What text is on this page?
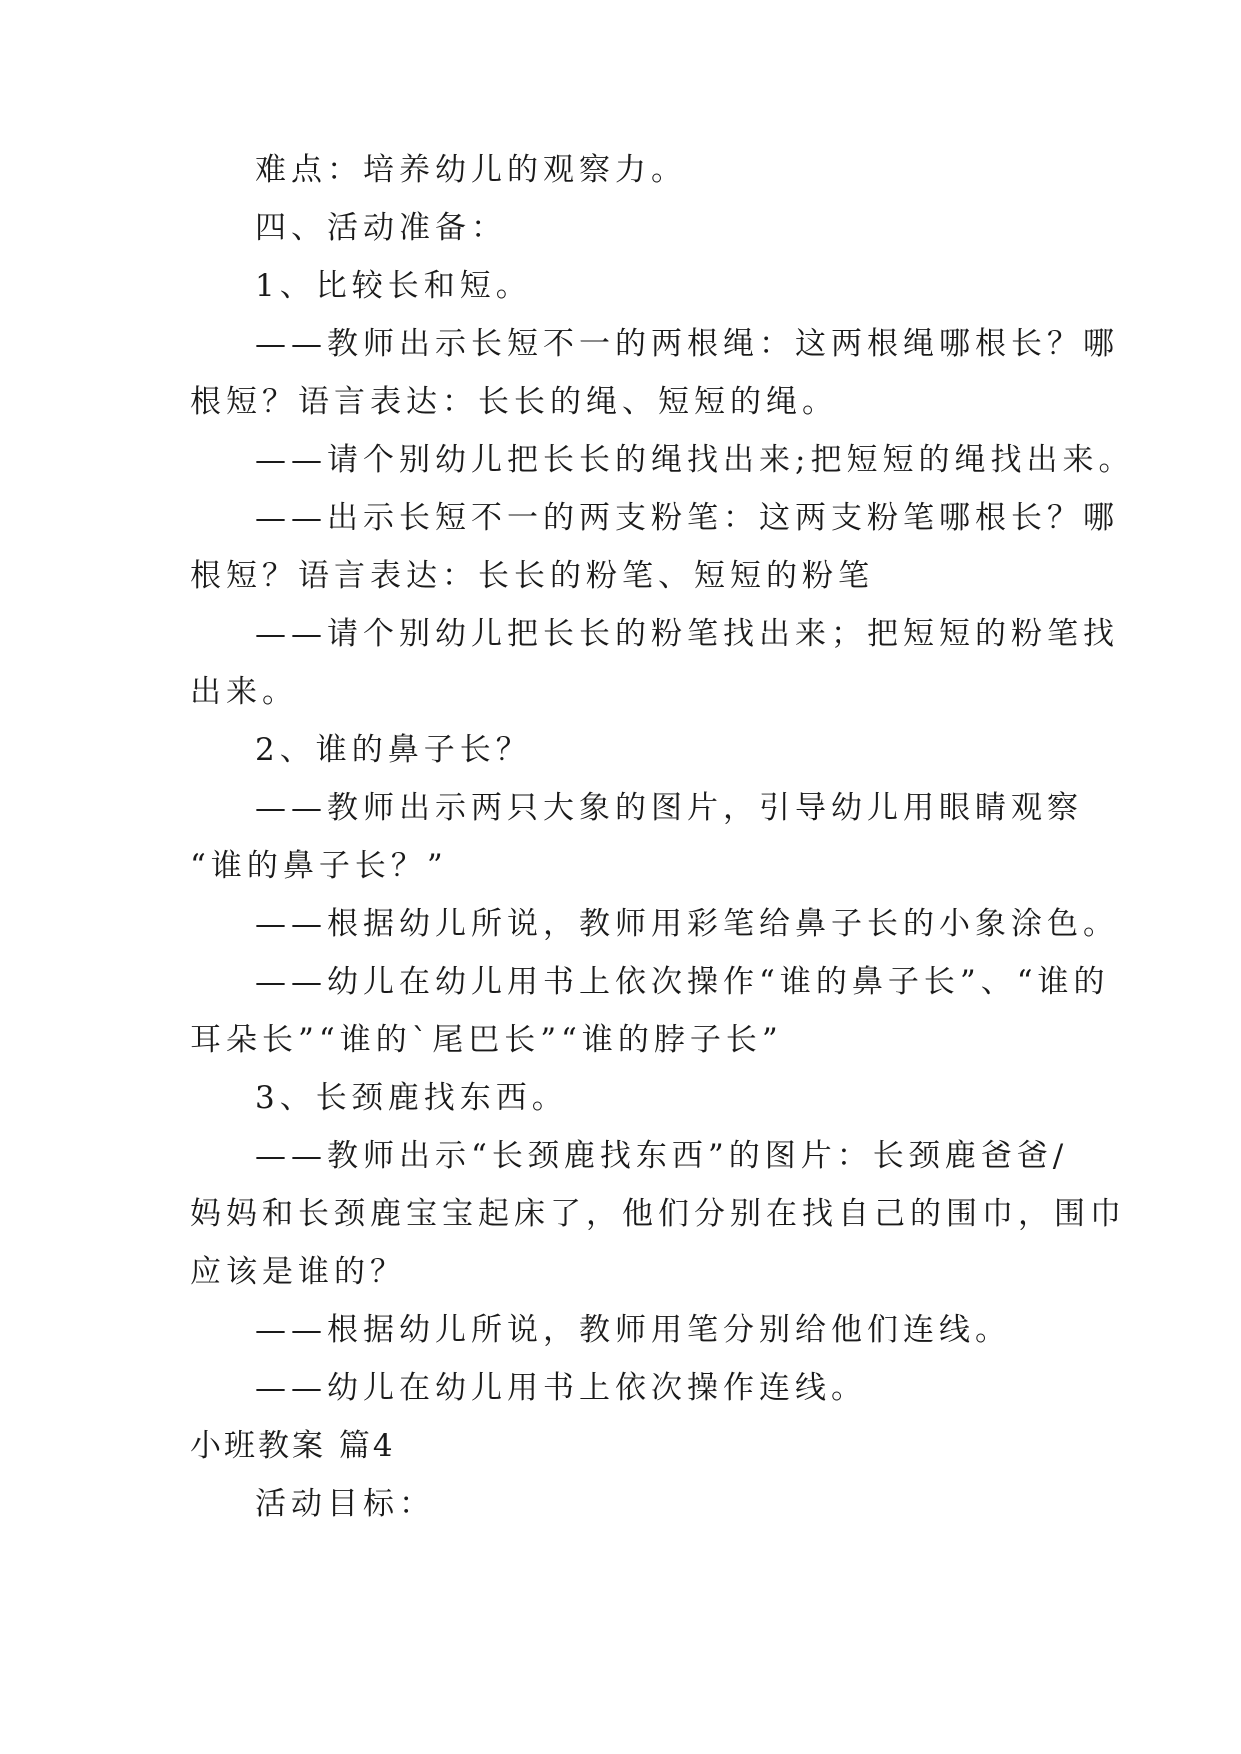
难点：培养幼儿的观察力。
四、活动准备：
1、比较长和短。
——教师出示长短不一的两根绳：这两根绳哪根长？哪
根短？语言表达：长长的绳、短短的绳。
——请个别幼儿把长长的绳找出来;把短短的绳找出来。
——出示长短不一的两支粉笔：这两支粉笔哪根长？哪
根短？语言表达：长长的粉笔、短短的粉笔
——请个别幼儿把长长的粉笔找出来；把短短的粉笔找
出来。
2、谁的鼻子长？
——教师出示两只大象的图片，引导幼儿用眼睛观察
“谁的鼻子长？”
——根据幼儿所说，教师用彩笔给鼻子长的小象涂色。
——幼儿在幼儿用书上依次操作“谁的鼻子长”、“谁的
耳朵长”“谁的`尾巴长”“谁的脖子长”
3、长颈鹿找东西。
——教师出示“长颈鹿找东西”的图片：长颈鹿爸爸/
妈妈和长颈鹿宝宝起床了，他们分别在找自己的围巾，围巾
应该是谁的？
——根据幼儿所说，教师用笔分别给他们连线。
——幼儿在幼儿用书上依次操作连线。
小班教案 篇4
活动目标：
